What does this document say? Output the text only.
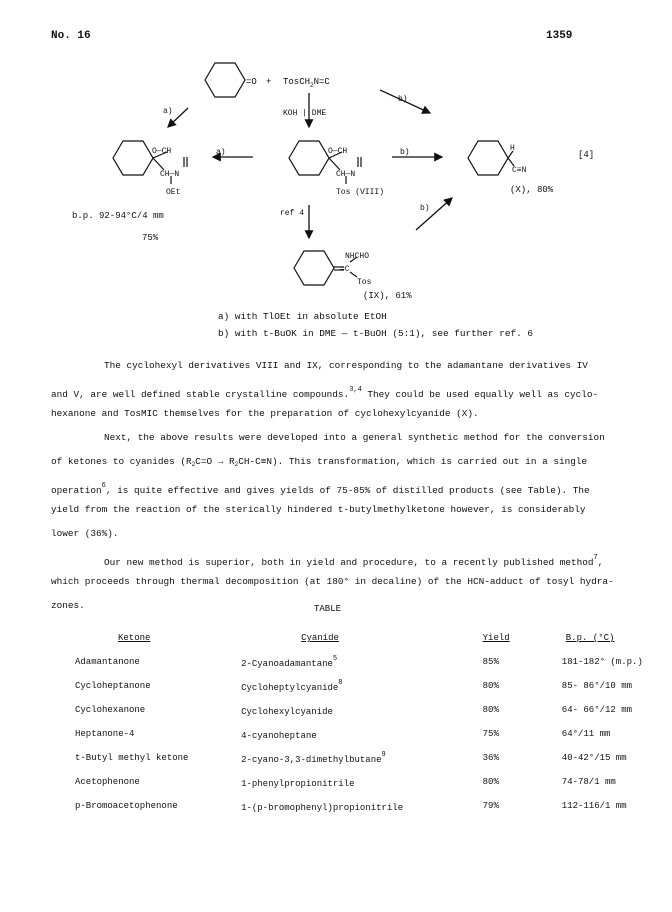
No. 16	1359
=O + TosCH$_2$N=C
KOH | DME
a)
b)
a)	b)
ref 4
b)
O—CH
CH—N
OEt
O—CH
CH—N
Tos (VIII)
H
C≡N
[4]
b.p. 92-94°C/4 mm
75%
(X), 80%
NHCHO
=C
Tos
(IX), 61%
a) with TlOEt in absolute EtOH
b) with t-BuOK in DME — t-BuOH (5:1), see further ref. 6
The cyclohexyl derivatives VIII and IX, corresponding to the adamantane derivatives IV
and V, are well defined stable crystalline compounds.$^{3,4}$ They could be used equally well as cyclo-
hexanone and TosMIC themselves for the preparation of cyclohexylcyanide (X).
Next, the above results were developed into a general synthetic method for the conversion
of ketones to cyanides $(R_2C=O \to R_2CH-C\equiv N)$. This transformation, which is carried out in a single
operation$^6$, is quite effective and gives yields of 75-85% of distilled products (see Table). The
yield from the reaction of the sterically hindered t-butylmethylketone however, is considerably
lower (36%).
Our new method is superior, both in yield and procedure, to a recently published method$^7$,
which proceeds through thermal decomposition (at 180° in decaline) of the HCN-adduct of tosyl hydra-
zones.	TABLE
Ketone	Cyanide	Yield	B.p. (°C)
Adamantanone	2-Cyanoadamantane$^5$	85%	181-182° (m.p.)
Cycloheptanone	Cycloheptylcyanide$^8$	80%	85- 86°/10 mm
Cyclohexanone	Cyclohexylcyanide	80%	64- 66°/12 mm
Heptanone-4	4-cyanoheptane	75%	64°/11 mm
t-Butyl methyl ketone	2-cyano-3,3-dimethylbutane$^9$	36%	40-42°/15 mm
Acetophenone	1-phenylpropionitrile	80%	74-78/1 mm
p-Bromoacetophenone	1-(p-bromophenyl)propionitrile	79%	112-116/1 mm
